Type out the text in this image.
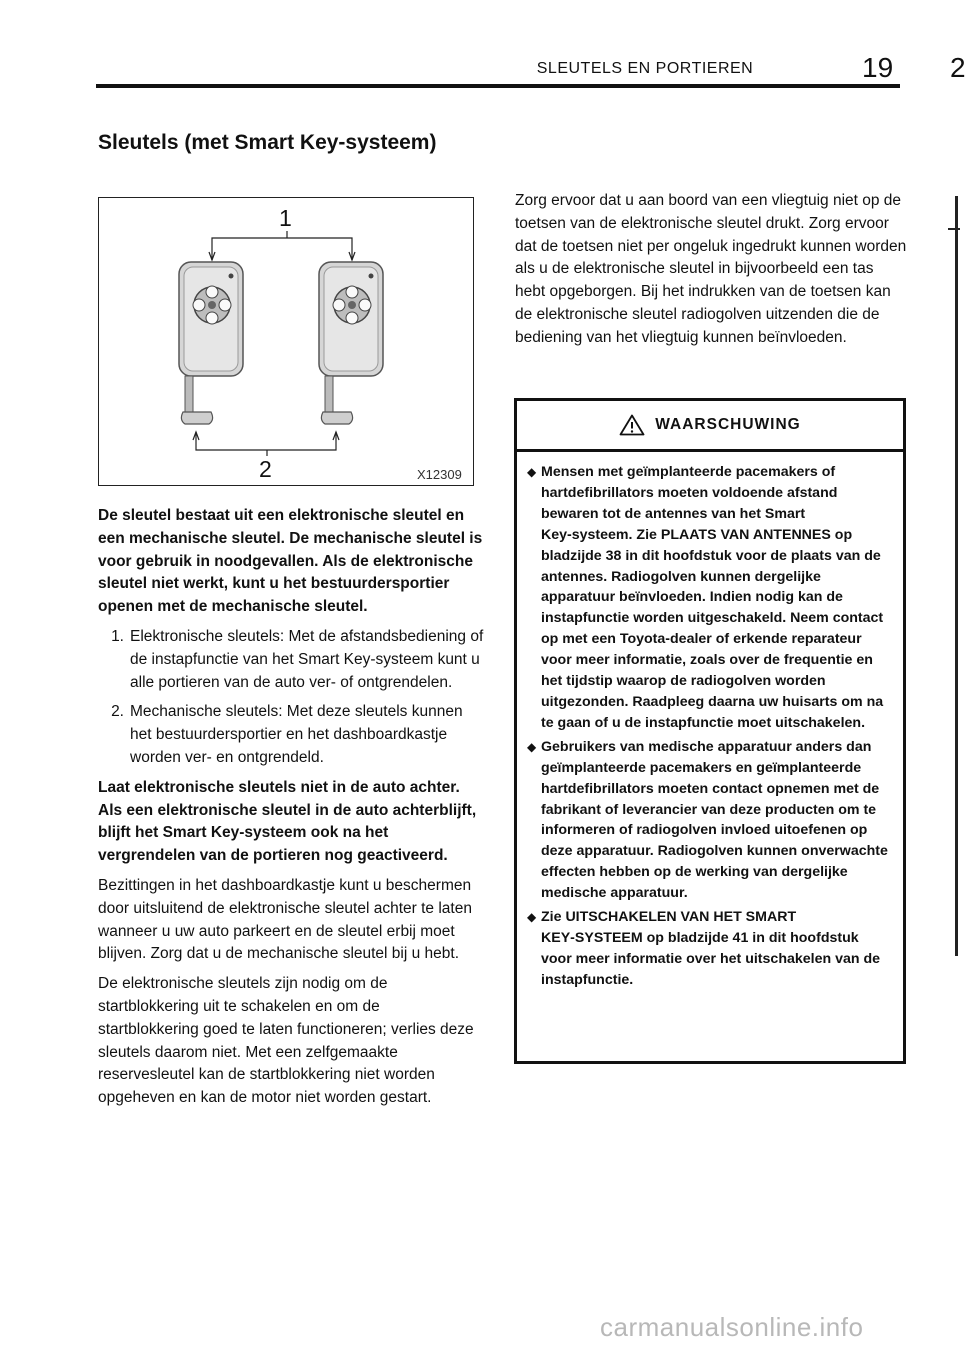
SLEUTELS EN PORTIEREN	19 2
Sleutels (met Smart Key‑systeem)
1
2	X12309

De sleutel bestaat uit een elektronische sleutel en een mechanische sleutel. De mechanische sleutel is voor gebruik in noodgevallen. Als de elektronische sleutel niet werkt, kunt u het bestuurdersportier openen met de mechanische sleutel.

1. Elektronische sleutels: Met de afstandsbediening of de instapfunctie van het Smart Key‑systeem kunt u alle portieren van de auto ver‑ of ontgrendelen.
2. Mechanische sleutels: Met deze sleutels kunnen het bestuurdersportier en het dashboardkastje worden ver‑ en ontgrendeld.

Laat elektronische sleutels niet in de auto achter. Als een elektronische sleutel in de auto achterblijft, blijft het Smart Key‑systeem ook na het vergrendelen van de portieren nog geactiveerd.

Bezittingen in het dashboardkastje kunt u beschermen door uitsluitend de elektronische sleutel achter te laten wanneer u uw auto parkeert en de sleutel erbij moet blijven. Zorg dat u de mechanische sleutel bij u hebt.

De elektronische sleutels zijn nodig om de startblokkering uit te schakelen en om de startblokkering goed te laten functioneren; verlies deze sleutels daarom niet. Met een zelfgemaakte reservesleutel kan de startblokkering niet worden opgeheven en kan de motor niet worden gestart.

Zorg ervoor dat u aan boord van een vliegtuig niet op de toetsen van de elektronische sleutel drukt. Zorg ervoor dat de toetsen niet per ongeluk ingedrukt kunnen worden als u de elektronische sleutel in bijvoorbeeld een tas hebt opgeborgen. Bij het indrukken van de toetsen kan de elektronische sleutel radiogolven uitzenden die de bediening van het vliegtuig kunnen beïnvloeden.

WAARSCHUWING
◆ Mensen met geïmplanteerde pacemakers of hartdefibrillators moeten voldoende afstand bewaren tot de antennes van het Smart Key‑systeem. Zie PLAATS VAN ANTENNES op bladzijde 38 in dit hoofdstuk voor de plaats van de antennes. Radiogolven kunnen dergelijke apparatuur beïnvloeden. Indien nodig kan de instapfunctie worden uitgeschakeld. Neem contact op met een Toyota‑dealer of erkende reparateur voor meer informatie, zoals over de frequentie en het tijdstip waarop de radiogolven worden uitgezonden. Raadpleeg daarna uw huisarts om na te gaan of u de instapfunctie moet uitschakelen.
◆ Gebruikers van medische apparatuur anders dan geïmplanteerde pacemakers en geïmplanteerde hartdefibrillators moeten contact opnemen met de fabrikant of leverancier van deze producten om te informeren of radiogolven invloed uitoefenen op deze apparatuur. Radiogolven kunnen onverwachte effecten hebben op de werking van dergelijke medische apparatuur.
◆ Zie UITSCHAKELEN VAN HET SMART KEY‑SYSTEEM op bladzijde 41 in dit hoofdstuk voor meer informatie over het uitschakelen van de instapfunctie.
carmanualsonline.info
